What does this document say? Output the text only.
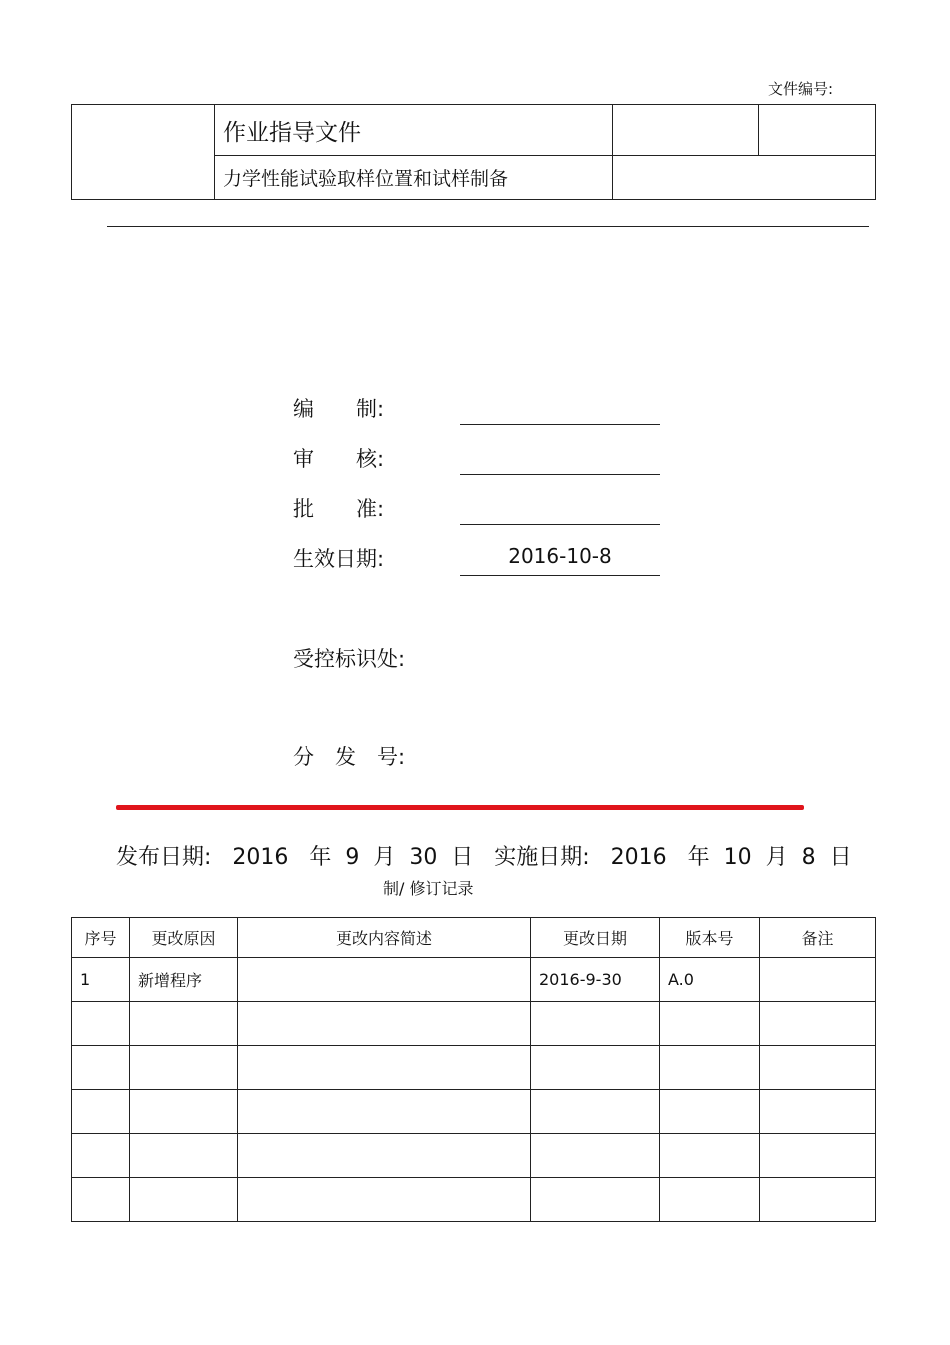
文件编号:
	作业指导文件		
	力学性能试验取样位置和试样制备		
编　　制:
审　　核:
批　　准:
生效日期:	2016-10-8
受控标识处:
分　发　号:
发布日期:   2016   年  9  月  30  日   实施日期:   2016   年  10  月  8  日
制/ 修订记录
序号	更改原因	更改内容简述	更改日期	版本号	备注
1	新增程序		2016-9-30	A.0	
